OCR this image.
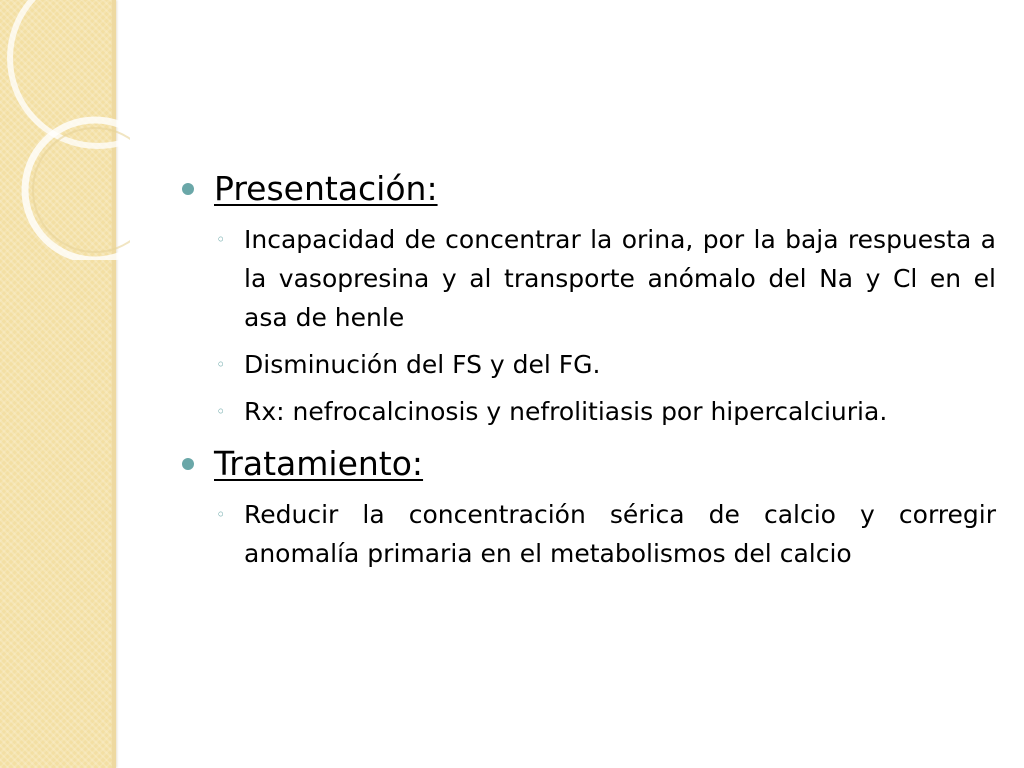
Presentación:
◦ Incapacidad de concentrar la orina, por la baja respuesta a la vasopresina y al transporte anómalo del Na y Cl en el asa de henle
◦ Disminución del FS y del FG.
◦ Rx: nefrocalcinosis y nefrolitiasis por hipercalciuria.
Tratamiento:
◦ Reducir la concentración sérica de calcio y corregir anomalía primaria en el metabolismos del calcio
